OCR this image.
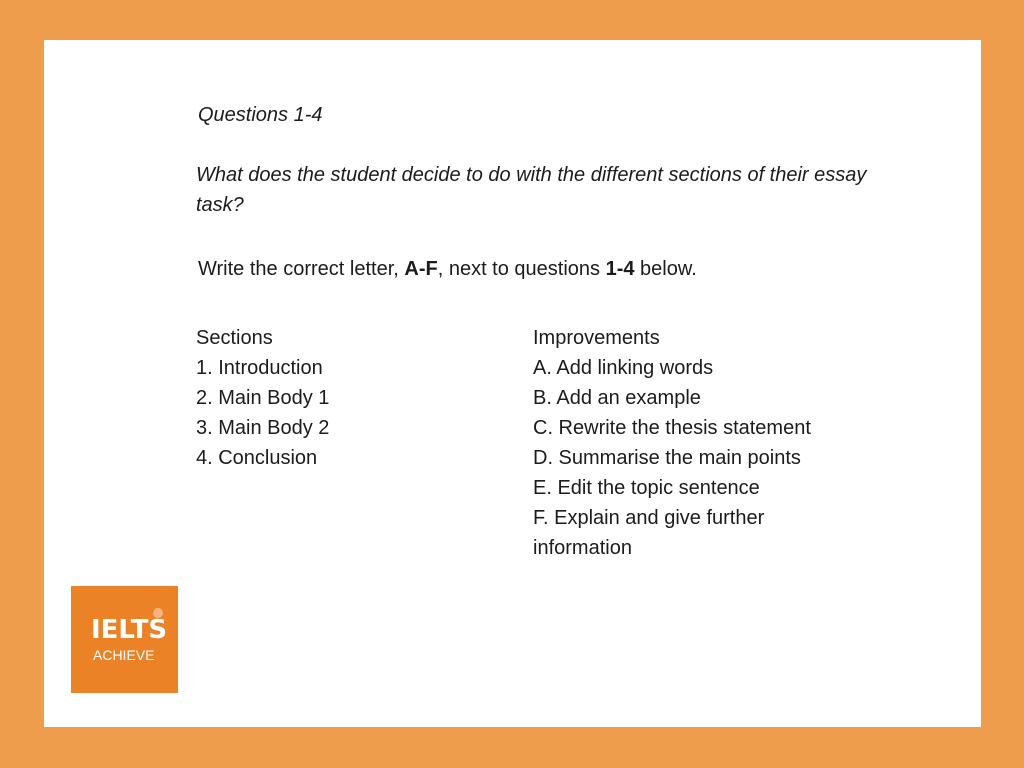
Questions 1-4
What does the student decide to do with the different sections of their essay task?
Write the correct letter, A-F, next to questions 1-4 below.
Sections
1. Introduction
2. Main Body 1
3. Main Body 2
4. Conclusion
Improvements
A. Add linking words
B. Add an example
C. Rewrite the thesis statement
D. Summarise the main points
E. Edit the topic sentence
F. Explain and give further information
IELTS
ACHIEVE
